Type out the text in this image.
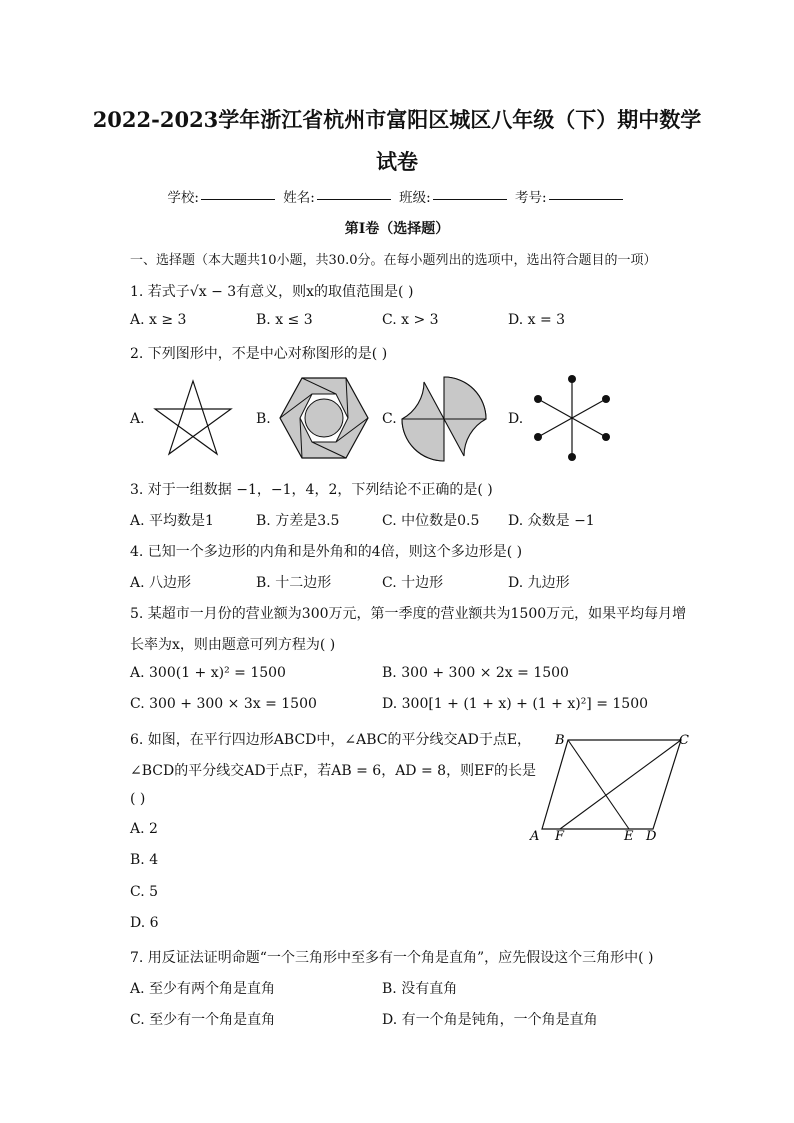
2022-2023学年浙江省杭州市富阳区城区八年级（下）期中数学
试卷
学校:	姓名:	班级:	考号:
第I卷（选择题）
一、选择题（本大题共10小题，共30.0分。在每小题列出的选项中，选出符合题目的一项）
1. 若式子√x − 3有意义，则x的取值范围是( )
A. x ≥ 3	B. x ≤ 3	C. x > 3	D. x = 3
2. 下列图形中，不是中心对称图形的是( )
A.	B.	C.	D.
3. 对于一组数据 −1，−1，4，2，下列结论不正确的是( )
A. 平均数是1	B. 方差是3.5	C. 中位数是0.5 D. 众数是 −1
4. 已知一个多边形的内角和是外角和的4倍，则这个多边形是( )
A. 八边形	B. 十二边形	C. 十边形	D. 九边形
5. 某超市一月份的营业额为300万元，第一季度的营业额共为1500万元，如果平均每月增
长率为x，则由题意可列方程为( )
A. 300(1 + x)² = 1500	B. 300 + 300 × 2x = 1500
C. 300 + 300 × 3x = 1500	D. 300[1 + (1 + x) + (1 + x)²] = 1500
6. 如图，在平行四边形ABCD中，∠ABC的平分线交AD于点E，
∠BCD的平分线交AD于点F，若AB = 6，AD = 8，则EF的长是
( )
A. 2
B. 4
C. 5
D. 6
A
B	C
D
E
F
7. 用反证法证明命题“一个三角形中至多有一个角是直角”，应先假设这个三角形中( )
A. 至少有两个角是直角	B. 没有直角
C. 至少有一个角是直角	D. 有一个角是钝角，一个角是直角
